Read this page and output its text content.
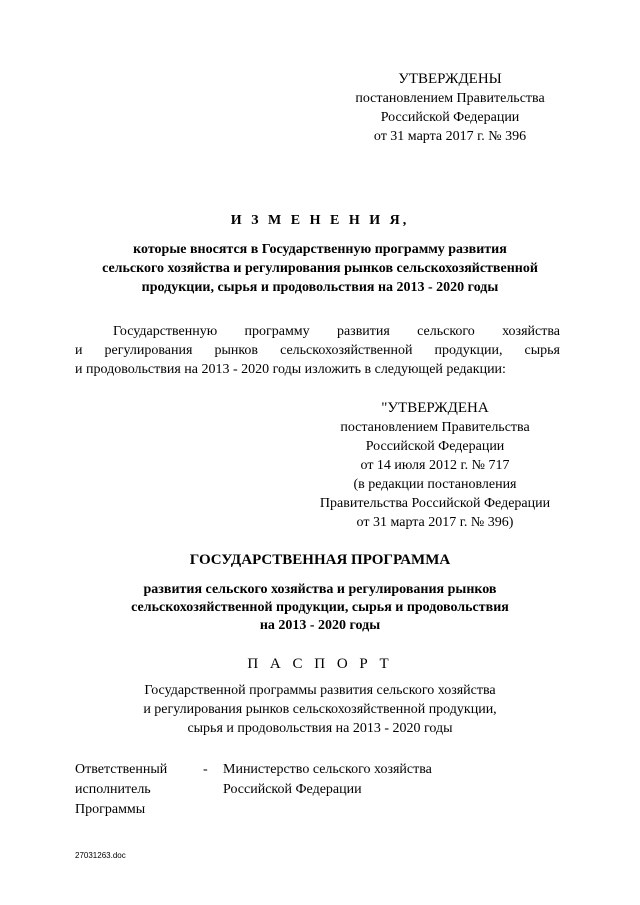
УТВЕРЖДЕНЫ
постановлением Правительства
Российской Федерации
от 31 марта 2017 г. № 396
И З М Е Н Е Н И Я,
которые вносятся в Государственную программу развития
сельского хозяйства и регулирования рынков сельскохозяйственной
продукции, сырья и продовольствия на 2013 - 2020 годы
Государственную программу развития сельского хозяйства
и регулирования рынков сельскохозяйственной продукции, сырья
и продовольствия на 2013 - 2020 годы изложить в следующей редакции:
"УТВЕРЖДЕНА
постановлением Правительства
Российской Федерации
от 14 июля 2012 г. № 717
(в редакции постановления
Правительства Российской Федерации
от 31 марта 2017 г. № 396)
ГОСУДАРСТВЕННАЯ ПРОГРАММА
развития сельского хозяйства и регулирования рынков
сельскохозяйственной продукции, сырья и продовольствия
на 2013 - 2020 годы
П А С П О Р Т
Государственной программы развития сельского хозяйства
и регулирования рынков сельскохозяйственной продукции,
сырья и продовольствия на 2013 - 2020 годы
Ответственный
исполнитель
Программы
- Министерство сельского хозяйства
Российской Федерации
27031263.doc
